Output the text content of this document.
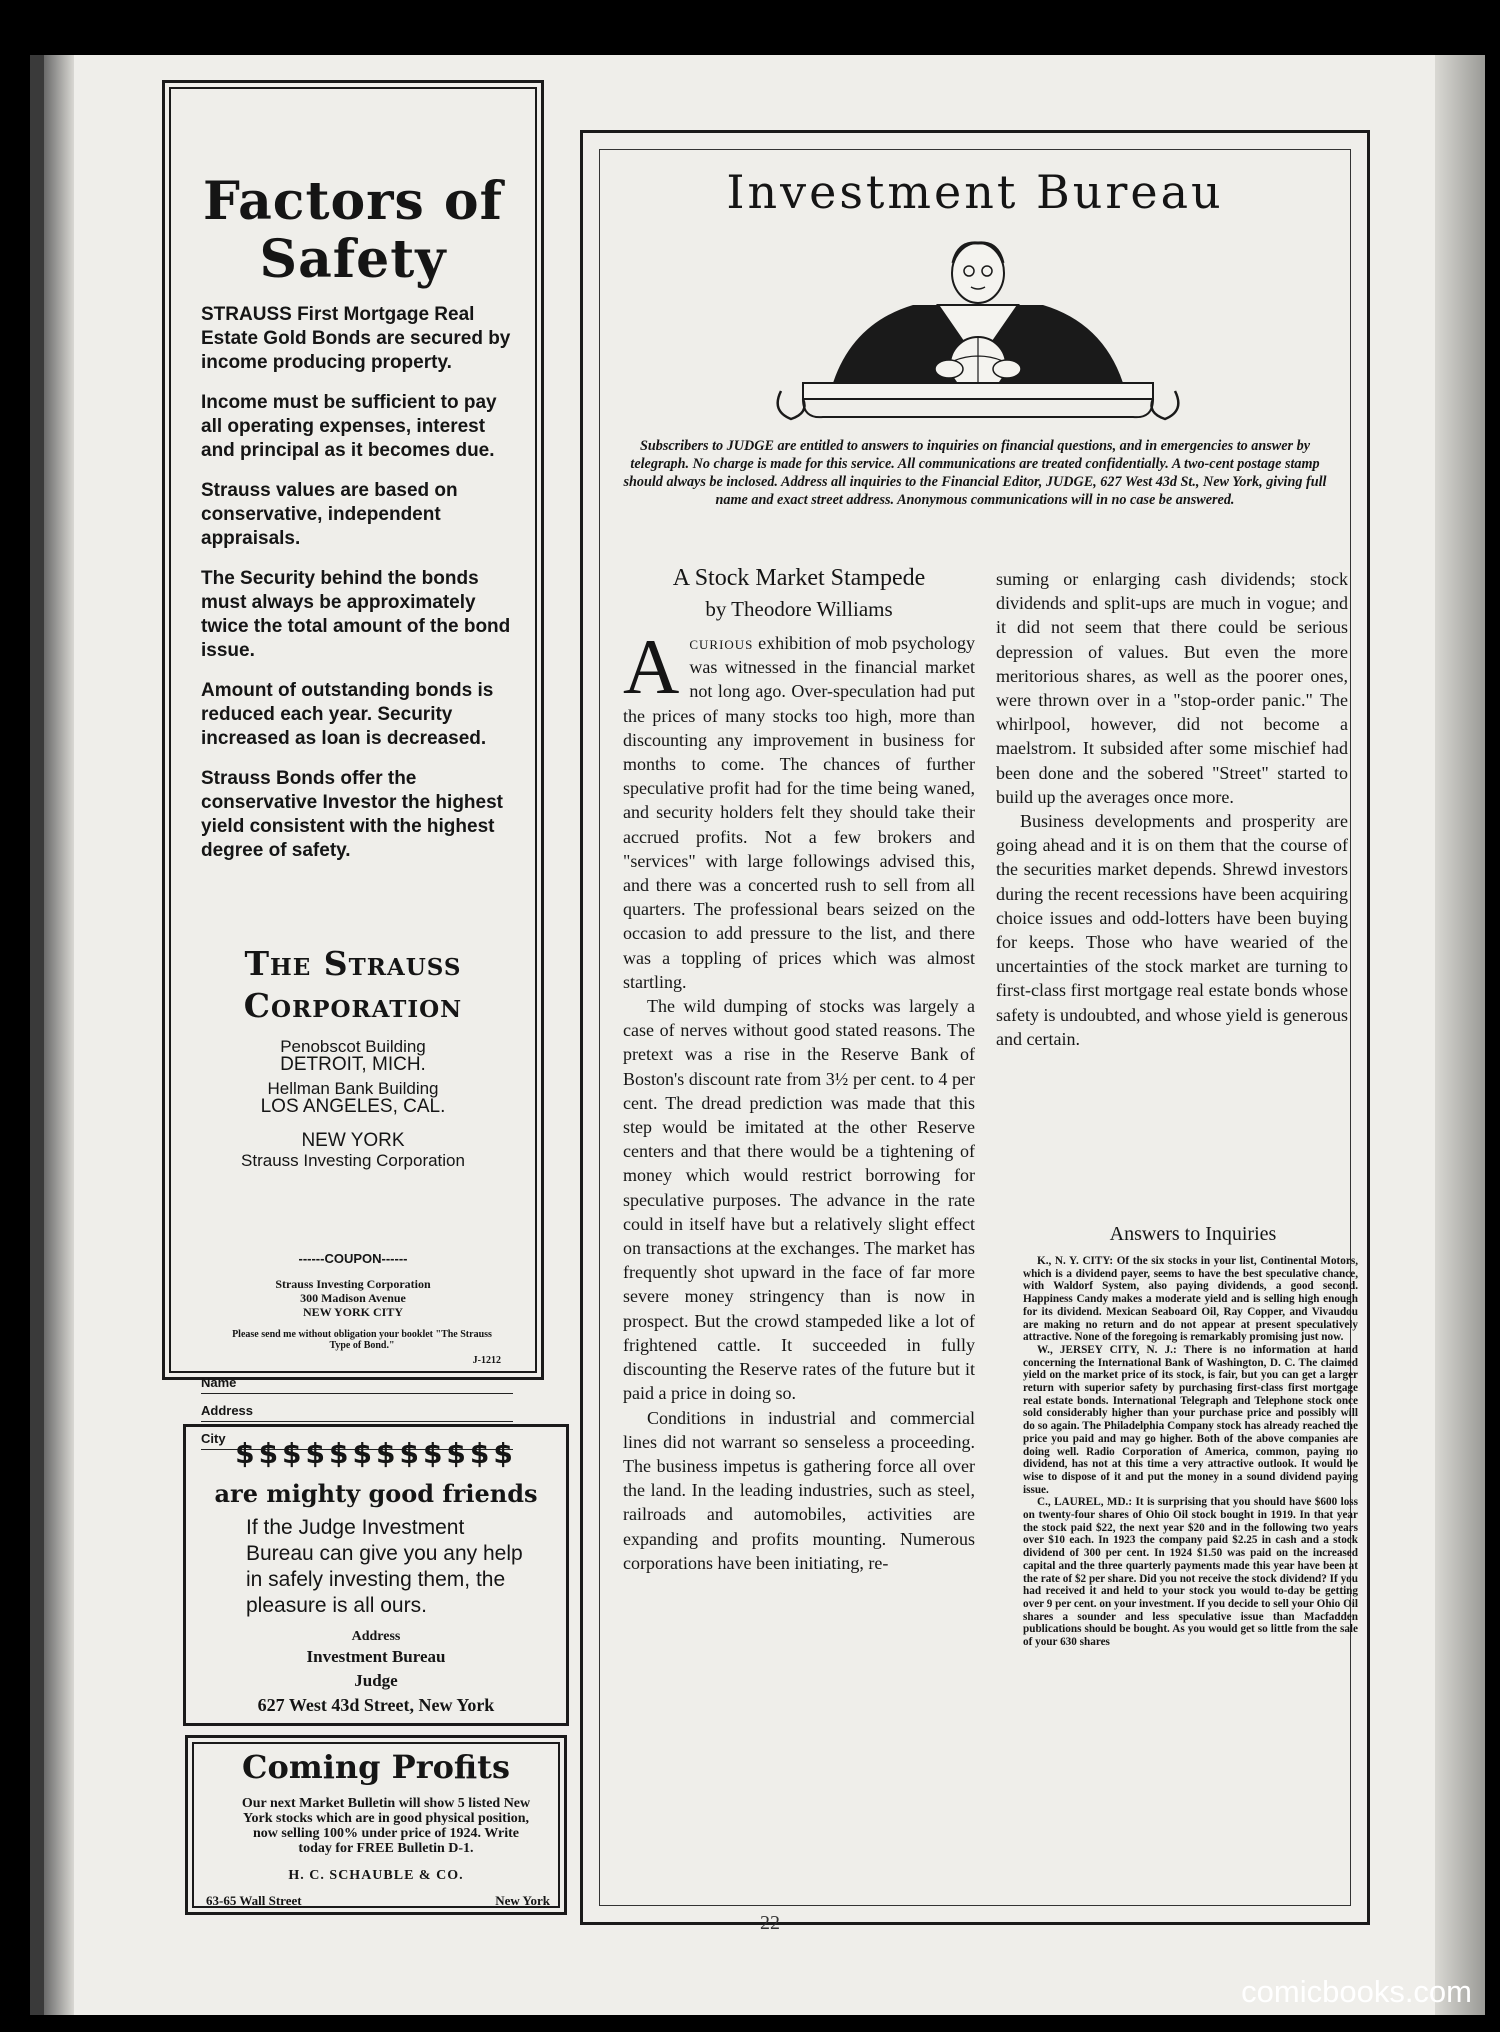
Factors of Safety

STRAUSS First Mortgage Real Estate Gold Bonds are secured by income producing property.

Income must be sufficient to pay all operating expenses, interest and principal as it becomes due.

Strauss values are based on conservative, independent appraisals.

The Security behind the bonds must always be approximately twice the total amount of the bond issue.

Amount of outstanding bonds is reduced each year. Security increased as loan is decreased.

Strauss Bonds offer the conservative Investor the highest yield consistent with the highest degree of safety.

The Strauss
Corporation
Penobscot Building
DETROIT, MICH.
Hellman Bank Building
LOS ANGELES, CAL.
NEW YORK
Strauss Investing Corporation
------COUPON------
Strauss Investing Corporation
300 Madison Avenue
NEW YORK CITY
Please send me without obligation your booklet "The Strauss Type of Bond."
J-1212
Name
Address
City $$$$$$$$$$$$
are mighty good friends
If the Judge Investment Bureau can give you any help in safely investing them, the pleasure is all ours.
Address
Investment Bureau
Judge
627 West 43d Street, New York
Coming Profits
Our next Market Bulletin will show 5 listed New York stocks which are in good physical position, now selling 100% under price of 1924. Write today for FREE Bulletin D-1.
H. C. SCHAUBLE & CO.
63-65 Wall Street	New York
Investment Bureau
Subscribers to JUDGE are entitled to answers to inquiries on financial questions, and in emergencies to answer by telegraph. No charge is made for this service. All communications are treated confidentially. A two-cent postage stamp should always be inclosed. Address all inquiries to the Financial Editor, JUDGE, 627 West 43d St., New York, giving full name and exact street address. Anonymous communications will in no case be answered.
A Stock Market Stampede
by Theodore Williams

Acurious exhibition of mob psychology was witnessed in the financial market not long ago. Over-speculation had put the prices of many stocks too high, more than discounting any improvement in business for months to come. The chances of further speculative profit had for the time being waned, and security holders felt they should take their accrued profits. Not a few brokers and "services" with large followings advised this, and there was a concerted rush to sell from all quarters. The professional bears seized on the occasion to add pressure to the list, and there was a toppling of prices which was almost startling.

The wild dumping of stocks was largely a case of nerves without good stated reasons. The pretext was a rise in the Reserve Bank of Boston's discount rate from 3½ per cent. to 4 per cent. The dread prediction was made that this step would be imitated at the other Reserve centers and that there would be a tightening of money which would restrict borrowing for speculative purposes. The advance in the rate could in itself have but a relatively slight effect on transactions at the exchanges. The market has frequently shot upward in the face of far more severe money stringency than is now in prospect. But the crowd stampeded like a lot of frightened cattle. It succeeded in fully discounting the Reserve rates of the future but it paid a price in doing so.

Conditions in industrial and commercial lines did not warrant so senseless a proceeding. The business impetus is gathering force all over the land. In the leading industries, such as steel, railroads and automobiles, activities are expanding and profits mounting. Numerous corporations have been initiating, re-

suming or enlarging cash dividends; stock dividends and split-ups are much in vogue; and it did not seem that there could be serious depression of values. But even the more meritorious shares, as well as the poorer ones, were thrown over in a "stop-order panic." The whirlpool, however, did not become a maelstrom. It subsided after some mischief had been done and the sobered "Street" started to build up the averages once more.

Business developments and prosperity are going ahead and it is on them that the course of the securities market depends. Shrewd investors during the recent recessions have been acquiring choice issues and odd-lotters have been buying for keeps. Those who have wearied of the uncertainties of the stock market are turning to first-class first mortgage real estate bonds whose safety is undoubted, and whose yield is generous and certain.

Answers to Inquiries

K., N. Y. CITY: Of the six stocks in your list, Continental Motors, which is a dividend payer, seems to have the best speculative chance, with Waldorf System, also paying dividends, a good second. Happiness Candy makes a moderate yield and is selling high enough for its dividend. Mexican Seaboard Oil, Ray Copper, and Vivaudou are making no return and do not appear at present speculatively attractive. None of the foregoing is remarkably promising just now.

W., JERSEY CITY, N. J.: There is no information at hand concerning the International Bank of Washington, D. C. The claimed yield on the market price of its stock, is fair, but you can get a larger return with superior safety by purchasing first-class first mortgage real estate bonds. International Telegraph and Telephone stock once sold considerably higher than your purchase price and possibly will do so again. The Philadelphia Company stock has already reached the price you paid and may go higher. Both of the above companies are doing well. Radio Corporation of America, common, paying no dividend, has not at this time a very attractive outlook. It would be wise to dispose of it and put the money in a sound dividend paying issue.

C., LAUREL, MD.: It is surprising that you should have $600 loss on twenty-four shares of Ohio Oil stock bought in 1919. In that year the stock paid $22, the next year $20 and in the following two years over $10 each. In 1923 the company paid $2.25 in cash and a stock dividend of 300 per cent. In 1924 $1.50 was paid on the increased capital and the three quarterly payments made this year have been at the rate of $2 per share. Did you not receive the stock dividend? If you had received it and held to your stock you would to-day be getting over 9 per cent. on your investment. If you decide to sell your Ohio Oil shares a sounder and less speculative issue than Macfadden publications should be bought. As you would get so little from the sale of your 630 shares

22
comicbooks.com
